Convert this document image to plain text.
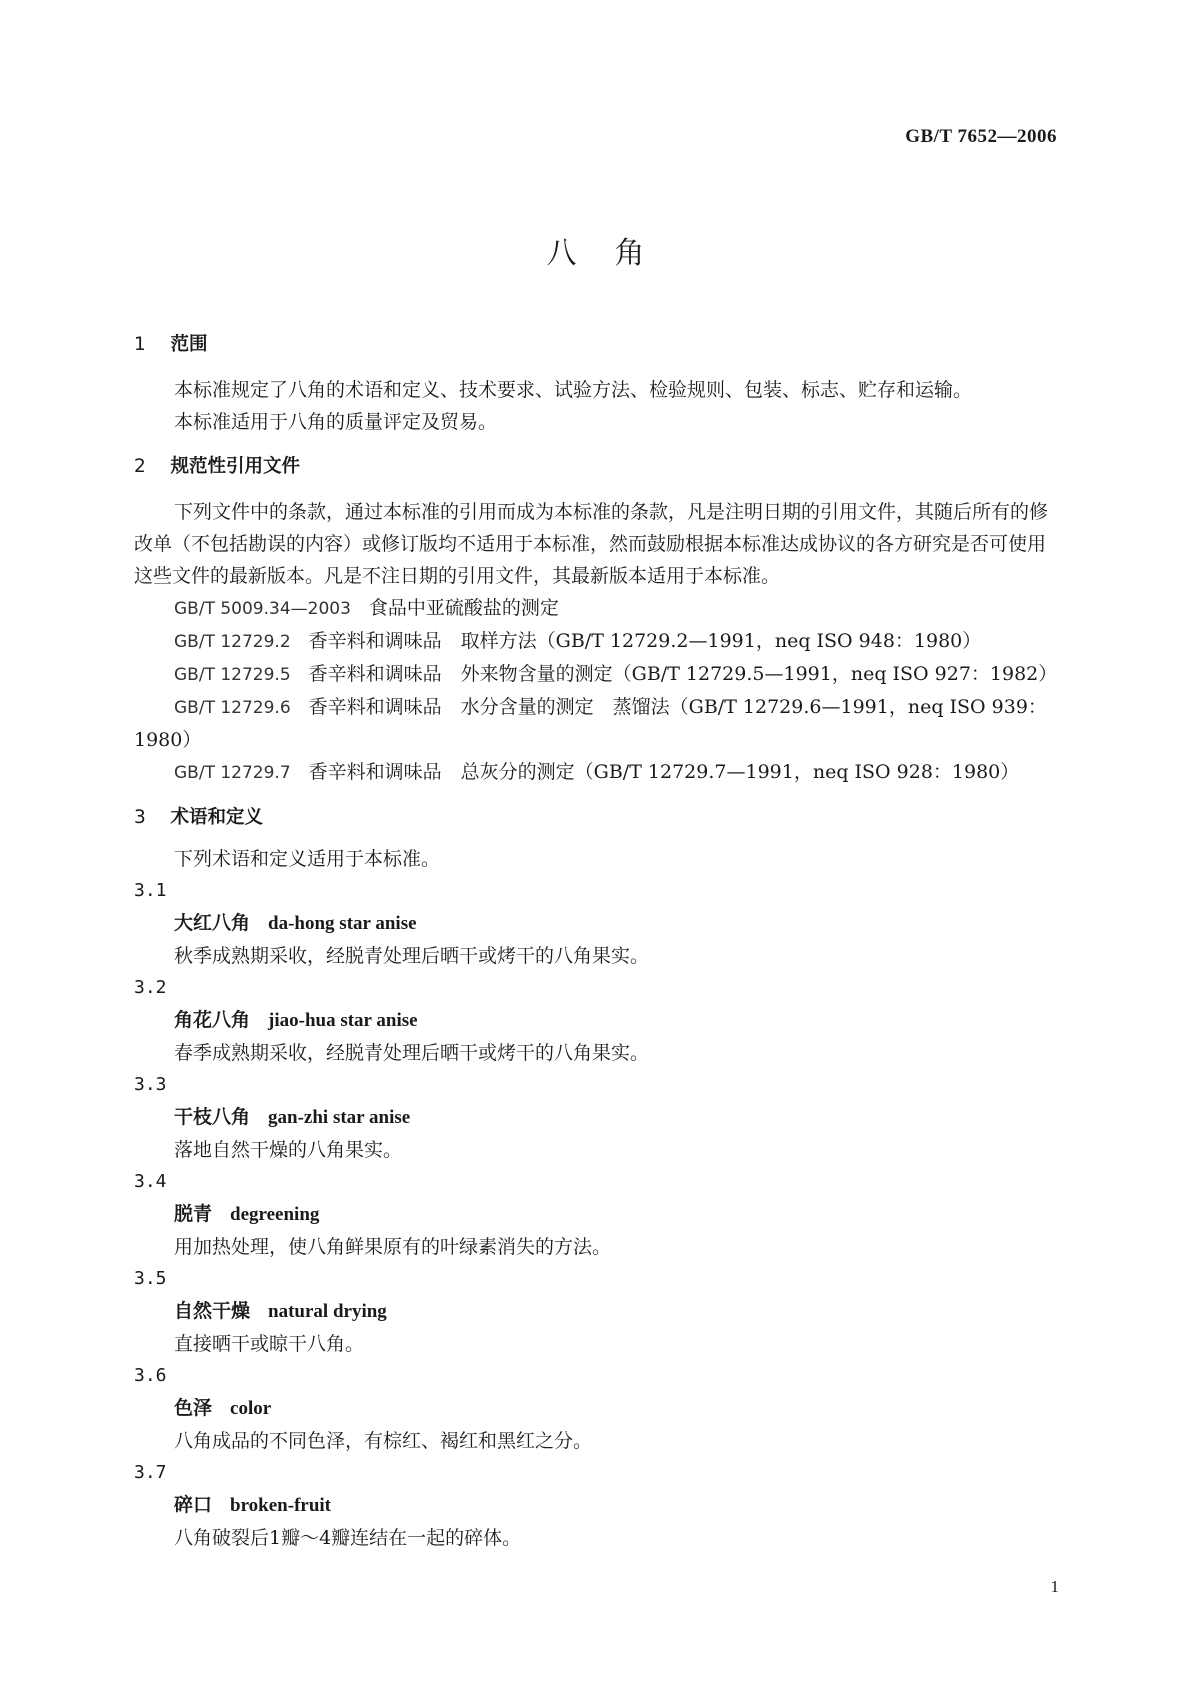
GB/T 7652—2006
八角
1 范围

本标准规定了八角的术语和定义、技术要求、试验方法、检验规则、包装、标志、贮存和运输。

本标准适用于八角的质量评定及贸易。

2 规范性引用文件

下列文件中的条款，通过本标准的引用而成为本标准的条款，凡是注明日期的引用文件，其随后所有的修改单（不包括勘误的内容）或修订版均不适用于本标准，然而鼓励根据本标准达成协议的各方研究是否可使用这些文件的最新版本。凡是不注日期的引用文件，其最新版本适用于本标准。

GB/T 5009.34—2003 食品中亚硫酸盐的测定

GB/T 12729.2 香辛料和调味品　取样方法（GB/T 12729.2—1991，neq ISO 948：1980）

GB/T 12729.5 香辛料和调味品　外来物含量的测定（GB/T 12729.5—1991，neq ISO 927：1982）

GB/T 12729.6 香辛料和调味品　水分含量的测定　蒸馏法（GB/T 12729.6—1991，neq ISO 939：1980）

GB/T 12729.7 香辛料和调味品　总灰分的测定（GB/T 12729.7—1991，neq ISO 928：1980）

3 术语和定义

下列术语和定义适用于本标准。

3.1

大红八角 da-hong star anise

秋季成熟期采收，经脱青处理后晒干或烤干的八角果实。

3.2

角花八角 jiao-hua star anise

春季成熟期采收，经脱青处理后晒干或烤干的八角果实。

3.3

干枝八角 gan-zhi star anise

落地自然干燥的八角果实。

3.4

脱青 degreening

用加热处理，使八角鲜果原有的叶绿素消失的方法。

3.5

自然干燥 natural drying

直接晒干或晾干八角。

3.6

色泽 color

八角成品的不同色泽，有棕红、褐红和黑红之分。

3.7

碎口 broken-fruit

八角破裂后1瓣～4瓣连结在一起的碎体。

1
